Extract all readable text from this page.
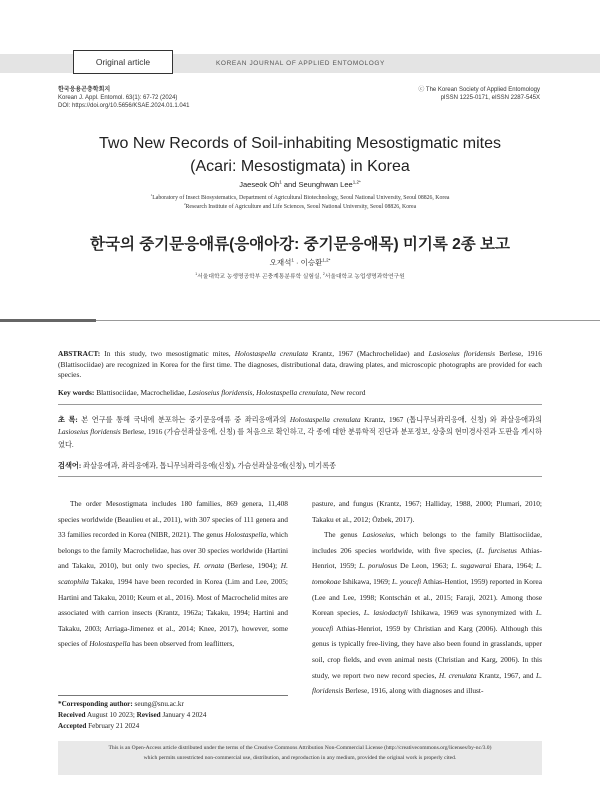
Original article	KOREAN JOURNAL OF APPLIED ENTOMOLOGY
한국응용곤충학회지
Korean J. Appl. Entomol. 63(1): 67-72 (2024)
DOI: https://doi.org/10.5656/KSAE.2024.01.1.041
ⓒ The Korean Society of Applied Entomology
pISSN 1225-0171, eISSN 2287-545X
Two New Records of Soil-inhabiting Mesostigmatic mites
(Acari: Mesostigmata) in Korea
Jaeseok Oh$^1$ and Seunghwan Lee$^{1,2*}$
$^1$Laboratory of Insect Biosystematics, Department of Agricultural Biotechnology, Seoul National University, Seoul 08826, Korea
$^2$Research Institute of Agriculture and Life Sciences, Seoul National University, Seoul 08826, Korea
한국의 중기문응애류(응애아강: 중기문응애목) 미기록 2종 보고
오재석$^1$ · 이승환$^{1,2*}$
$^1$서울대학교 농생명공학부 곤충계통분류학 실험실, $^2$서울대학교 농업생명과학연구원
ABSTRACT: In this study, two mesostigmatic mites, Holostaspella crenulata Krantz, 1967 (Machrochelidae) and Lasioseius floridensis Berlese, 1916 (Blattisociidae) are recognized in Korea for the first time. The diagnoses, distributional data, drawing plates, and microscopic photographs are provided for each species.
Key words: Blattisociidae, Macrochelidae, Lasioseius floridensis, Holostaspella crenulata, New record
초 록: 본 연구를 통해 국내에 분포하는 중기문응애류 중 좌리응애과의 Holostaspella crenulata Krantz, 1967 (톱니무늬좌리응애, 신칭) 와 좌살응애과의 Lasioseius floridensis Berlese, 1916 (가슴선좌살응애, 신칭) 를 처음으로 확인하고, 각 종에 대한 분류학적 진단과 분포정보, 상충의 현미경사진과 도판을 게시하였다.
검색어: 좌살응애과, 좌리응애과, 톱니무늬좌리응애(신칭), 가슴선좌살응애(신칭), 미기록종

The order Mesostigmata includes 180 families, 869 genera, 11,408 species worldwide (Beaulieu et al., 2011), with 307 species of 111 genera and 33 families recorded in Korea (NIBR, 2021). The genus Holostaspella, which belongs to the family Macrochelidae, has over 30 species worldwide (Hartini and Takaku, 2010), but only two species, H. ornata (Berlese, 1904); H. scatophila Takaku, 1994 have been recorded in Korea (Lim and Lee, 2005; Hartini and Takaku, 2010; Keum et al., 2016). Most of Macrochelid mites are associated with carrion insects (Krantz, 1962a; Takaku, 1994; Hartini and Takaku, 2003; Arriaga-Jimenez et al., 2014; Knee, 2017), however, some species of Holostaspella has been observed from leaflitters,

pasture, and fungus (Krantz, 1967; Halliday, 1988, 2000; Plumari, 2010; Takaku et al., 2012; Özbek, 2017).

The genus Lasioseius, which belongs to the family Blattisociidae, includes 206 species worldwide, with five species, (L. furcisetus Athias-Henriot, 1959; L. porulosus De Leon, 1963; L. sugawarai Ehara, 1964; L. tomokoae Ishikawa, 1969; L. youcefi Athias-Hentiot, 1959) reported in Korea (Lee and Lee, 1998; Kontschán et al., 2015; Faraji, 2021). Among those Korean species, L. lasiodactyli Ishikawa, 1969 was synonymized with L. youcefi Athias-Henriot, 1959 by Christian and Karg (2006). Although this genus is typically free-living, they have also been found in grasslands, upper soil, crop fields, and even animal nests (Christian and Karg, 2006). In this study, we report two new record species, H. crenulata Krantz, 1967, and L. floridensis Berlese, 1916, along with diagnoses and illust-

*Corresponding author: seung@snu.ac.kr
Received August 10 2023; Revised January 4 2024
Accepted February 21 2024
This is an Open-Access article distributed under the terms of the Creative Commons Attribution Non-Commercial License (http://creativecommons.org/licenses/by-nc/3.0)
which permits unrestricted non-commercial use, distribution, and reproduction in any medium, provided the original work is properly cited.
